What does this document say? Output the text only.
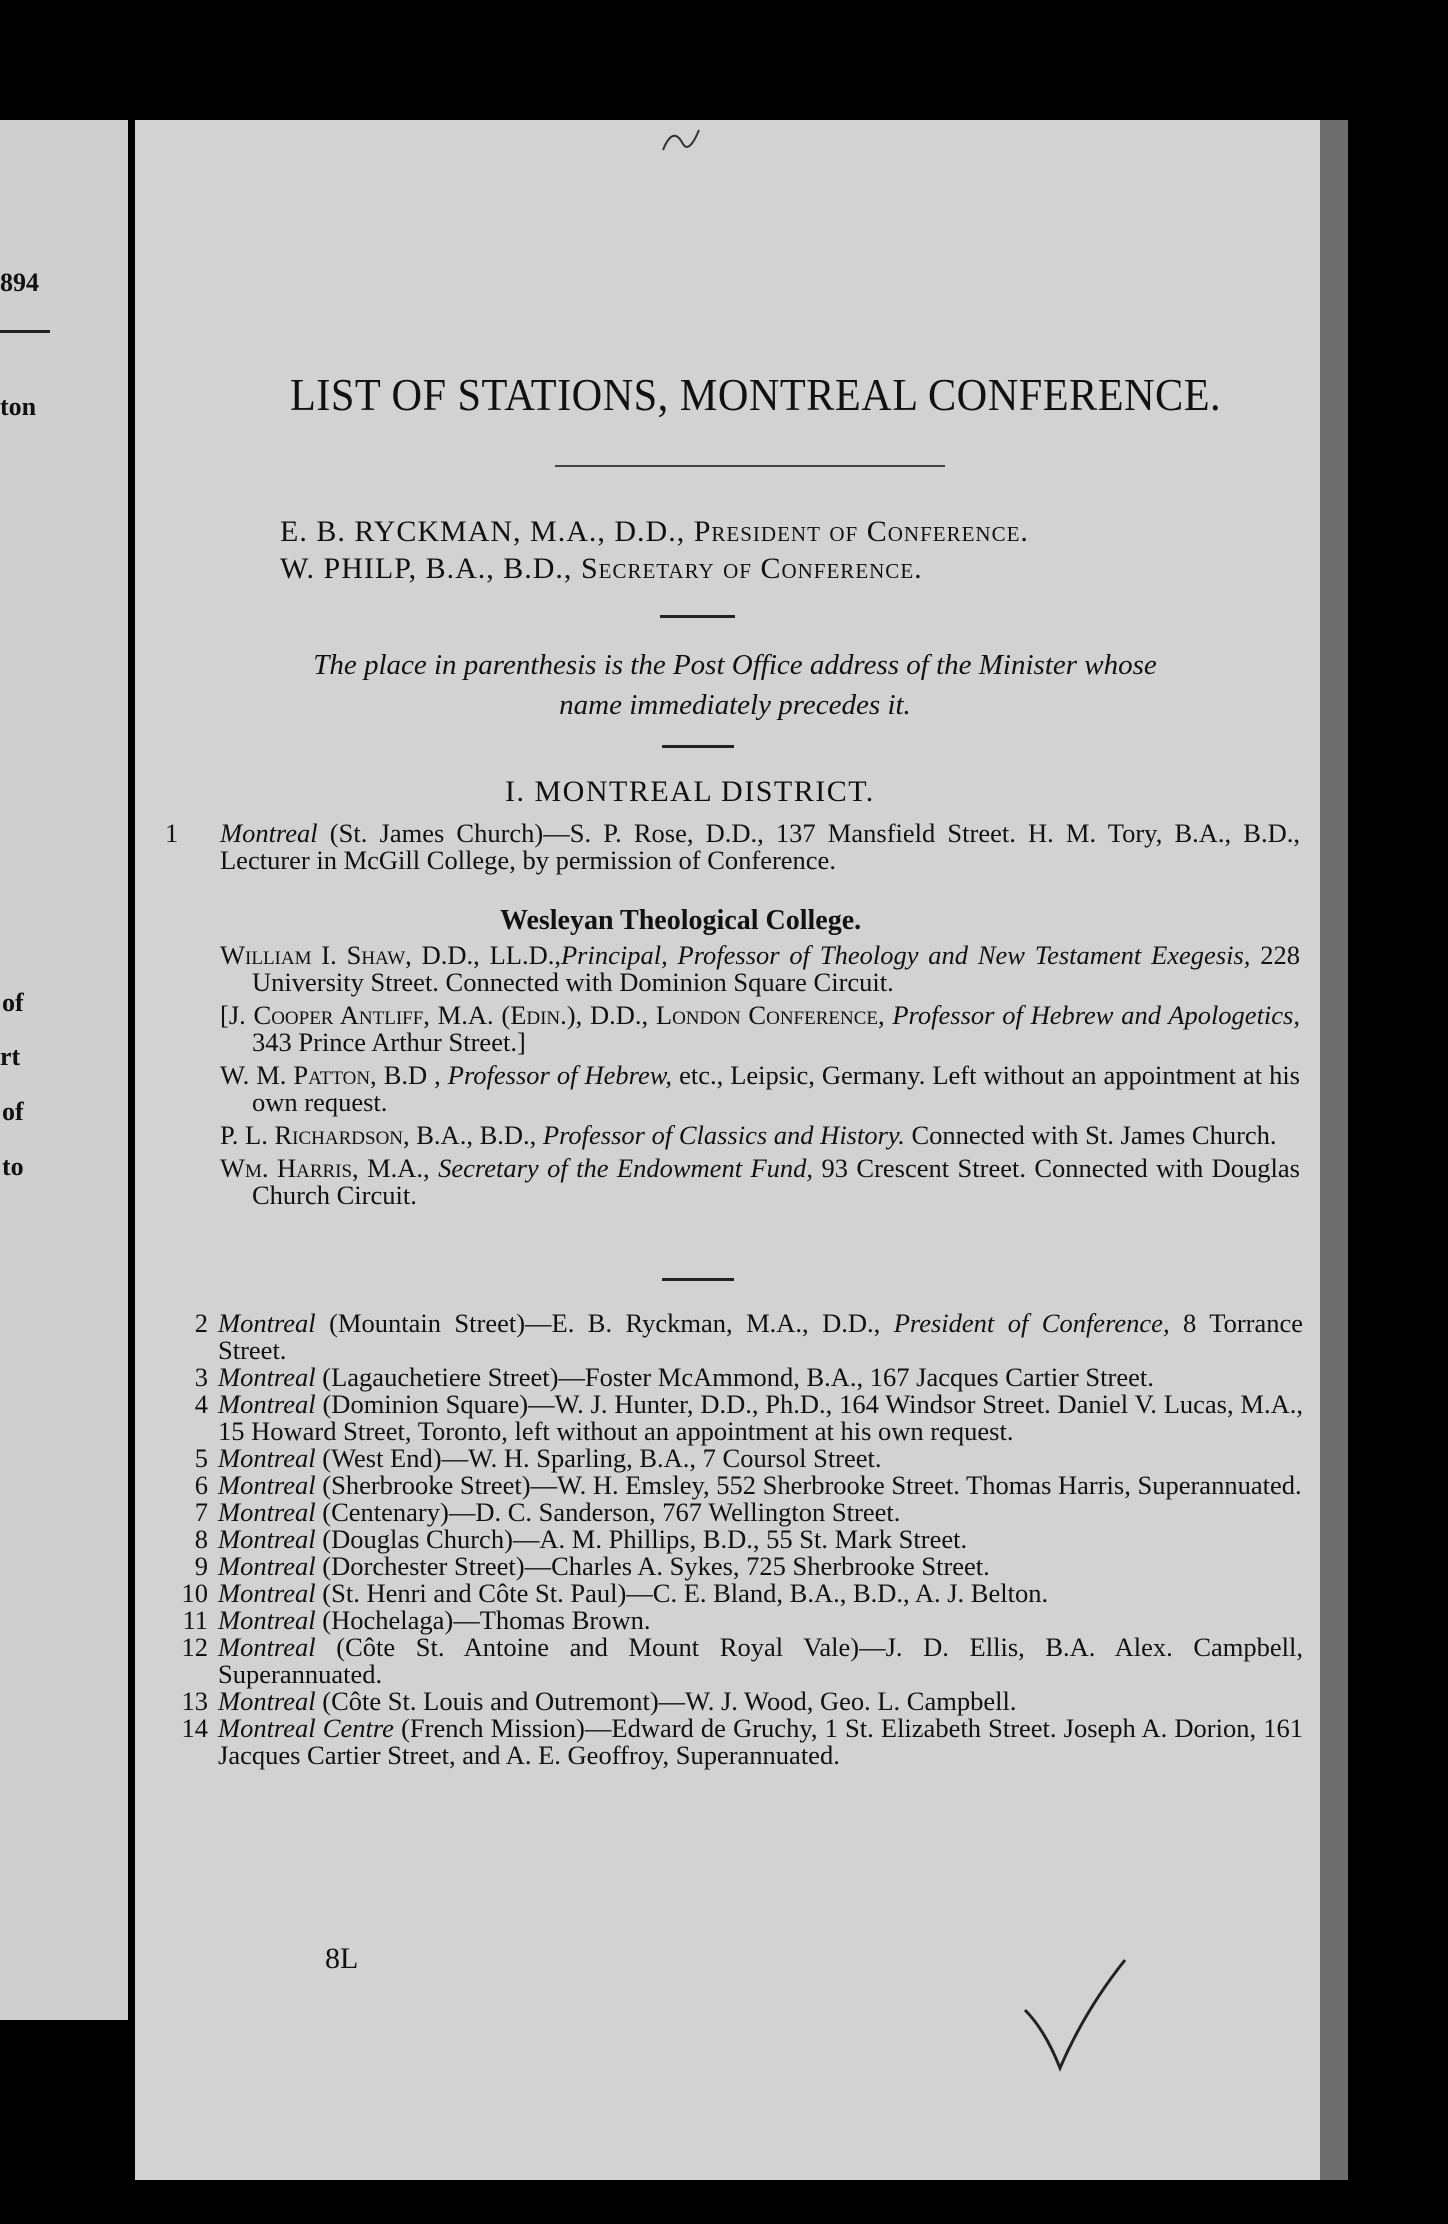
894
ton
of
rt
of
to
LIST OF STATIONS, MONTREAL CONFERENCE.
E. B. RYCKMAN, M.A., D.D., President of Conference.
W. PHILP, B.A., B.D., Secretary of Conference.
The place in parenthesis is the Post Office address of the Minister whose
name immediately precedes it.
I. MONTREAL DISTRICT.
1 Montreal (St. James Church)—S. P. Rose, D.D., 137 Mansfield Street. H. M. Tory, B.A., B.D., Lecturer in McGill College, by permission of Conference.
Wesleyan Theological College.
William I. Shaw, D.D., LL.D.,Principal, Professor of Theology and New Testament Exegesis, 228 University Street. Connected with Dominion Square Circuit.
[J. Cooper Antliff, M.A. (Edin.), D.D., London Conference, Professor of Hebrew and Apologetics, 343 Prince Arthur Street.]
W. M. Patton, B.D , Professor of Hebrew, etc., Leipsic, Germany. Left without an appointment at his own request.
P. L. Richardson, B.A., B.D., Professor of Classics and History. Connected with St. James Church.
Wm. Harris, M.A., Secretary of the Endowment Fund, 93 Crescent Street. Connected with Douglas Church Circuit.
2 Montreal (Mountain Street)—E. B. Ryckman, M.A., D.D., President of Conference, 8 Torrance Street.
3 Montreal (Lagauchetiere Street)—Foster McAmmond, B.A., 167 Jacques Cartier Street.
4 Montreal (Dominion Square)—W. J. Hunter, D.D., Ph.D., 164 Windsor Street. Daniel V. Lucas, M.A., 15 Howard Street, Toronto, left without an appointment at his own request.
5 Montreal (West End)—W. H. Sparling, B.A., 7 Coursol Street.
6 Montreal (Sherbrooke Street)—W. H. Emsley, 552 Sherbrooke Street. Thomas Harris, Superannuated.
7 Montreal (Centenary)—D. C. Sanderson, 767 Wellington Street.
8 Montreal (Douglas Church)—A. M. Phillips, B.D., 55 St. Mark Street.
9 Montreal (Dorchester Street)—Charles A. Sykes, 725 Sherbrooke Street.
10 Montreal (St. Henri and Côte St. Paul)—C. E. Bland, B.A., B.D., A. J. Belton.
11 Montreal (Hochelaga)—Thomas Brown.
12 Montreal (Côte St. Antoine and Mount Royal Vale)—J. D. Ellis, B.A. Alex. Campbell, Superannuated.
13 Montreal (Côte St. Louis and Outremont)—W. J. Wood, Geo. L. Campbell.
14 Montreal Centre (French Mission)—Edward de Gruchy, 1 St. Elizabeth Street. Joseph A. Dorion, 161 Jacques Cartier Street, and A. E. Geoffroy, Superannuated.
8L
